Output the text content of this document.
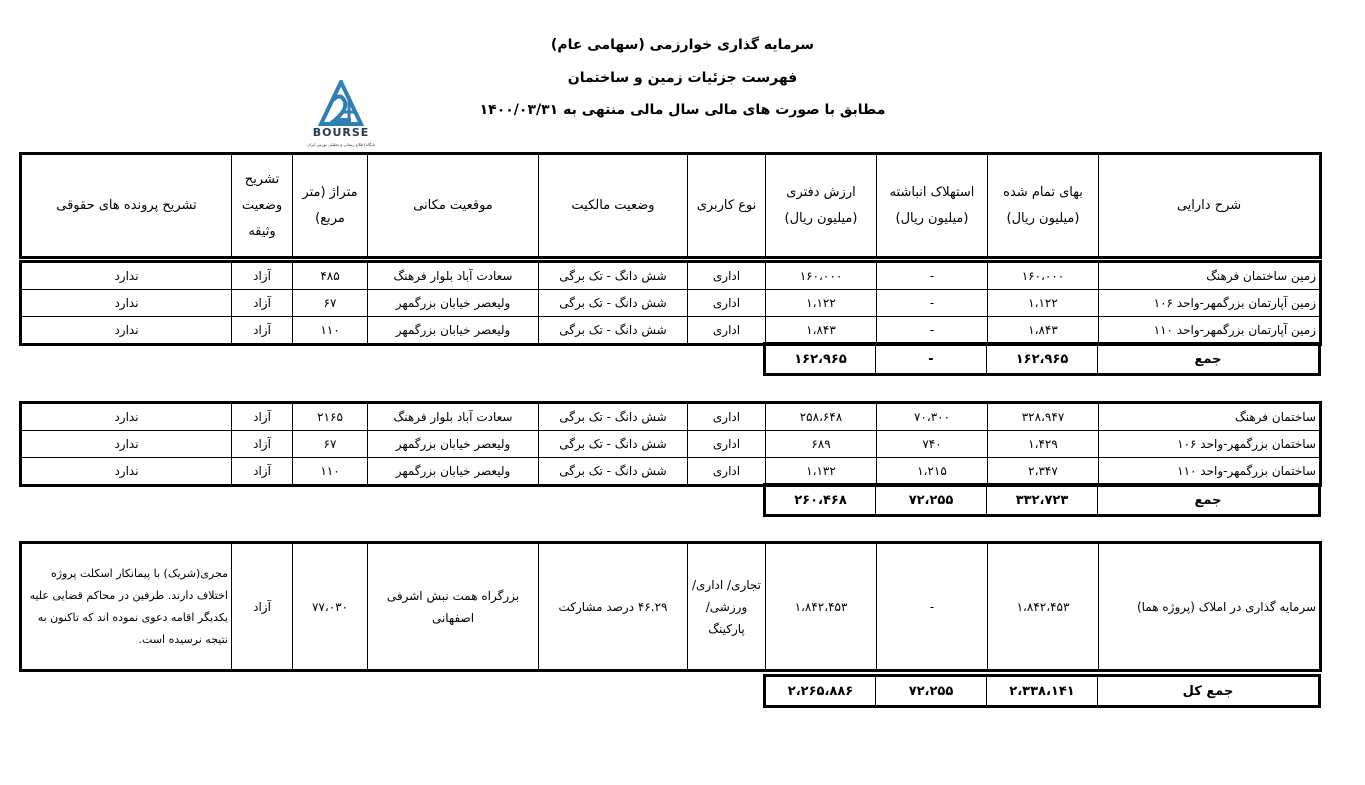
سرمایه گذاری خوارزمی (سهامی عام)
فهرست جزئیات زمین و ساختمان
مطابق با صورت های مالی سال مالی منتهی به ۱۴۰۰/۰۳/۳۱
BOURSE
پایگاه اطلاع رسانی و تحلیلی بورس ایران
شرح دارایی	بهای تمام شده (میلیون ریال)	استهلاک انباشته (میلیون ریال)	ارزش دفتری (میلیون ریال)	نوع کاربری	وضعیت مالکیت	موقعیت مکانی	متراژ (متر مربع)	تشریح وضعیت وثیقه	تشریح پرونده های حقوقی
زمین ساختمان فرهنگ	۱۶۰،۰۰۰	-	۱۶۰،۰۰۰	اداری	شش دانگ - تک برگی	سعادت آباد بلوار فرهنگ	۴۸۵	آزاد	ندارد
زمین آپارتمان بزرگمهر-واحد ۱۰۶	۱،۱۲۲	-	۱،۱۲۲	اداری	شش دانگ - تک برگی	ولیعصر خیابان بزرگمهر	۶۷	آزاد	ندارد
زمین آپارتمان بزرگمهر-واحد ۱۱۰	۱،۸۴۳	-	۱،۸۴۳	اداری	شش دانگ - تک برگی	ولیعصر خیابان بزرگمهر	۱۱۰	آزاد	ندارد
جمع	۱۶۲،۹۶۵	-	۱۶۲،۹۶۵
ساختمان فرهنگ	۳۲۸،۹۴۷	۷۰،۳۰۰	۲۵۸،۶۴۸	اداری	شش دانگ - تک برگی	سعادت آباد بلوار فرهنگ	۲۱۶۵	آزاد	ندارد
ساختمان بزرگمهر-واحد ۱۰۶	۱،۴۲۹	۷۴۰	۶۸۹	اداری	شش دانگ - تک برگی	ولیعصر خیابان بزرگمهر	۶۷	آزاد	ندارد
ساختمان بزرگمهر-واحد ۱۱۰	۲،۳۴۷	۱،۲۱۵	۱،۱۳۲	اداری	شش دانگ - تک برگی	ولیعصر خیابان بزرگمهر	۱۱۰	آزاد	ندارد
جمع	۳۳۲،۷۲۳	۷۲،۲۵۵	۲۶۰،۴۶۸
سرمایه گذاری در املاک (پروژه هما)	۱،۸۴۲،۴۵۳	-	۱،۸۴۲،۴۵۳	تجاری/ اداری/ ورزشی/ پارکینگ	۴۶.۲۹ درصد مشارکت	بزرگراه همت نبش اشرفی اصفهانی	۷۷،۰۳۰	آزاد	مجری(شریک) با پیمانکار اسکلت پروژه اختلاف دارند. طرفین در محاکم قضایی علیه یکدیگر اقامه دعوی نموده اند که تاکنون به نتیجه نرسیده است.
جمع کل	۲،۳۳۸،۱۴۱	۷۲،۲۵۵	۲،۲۶۵،۸۸۶
